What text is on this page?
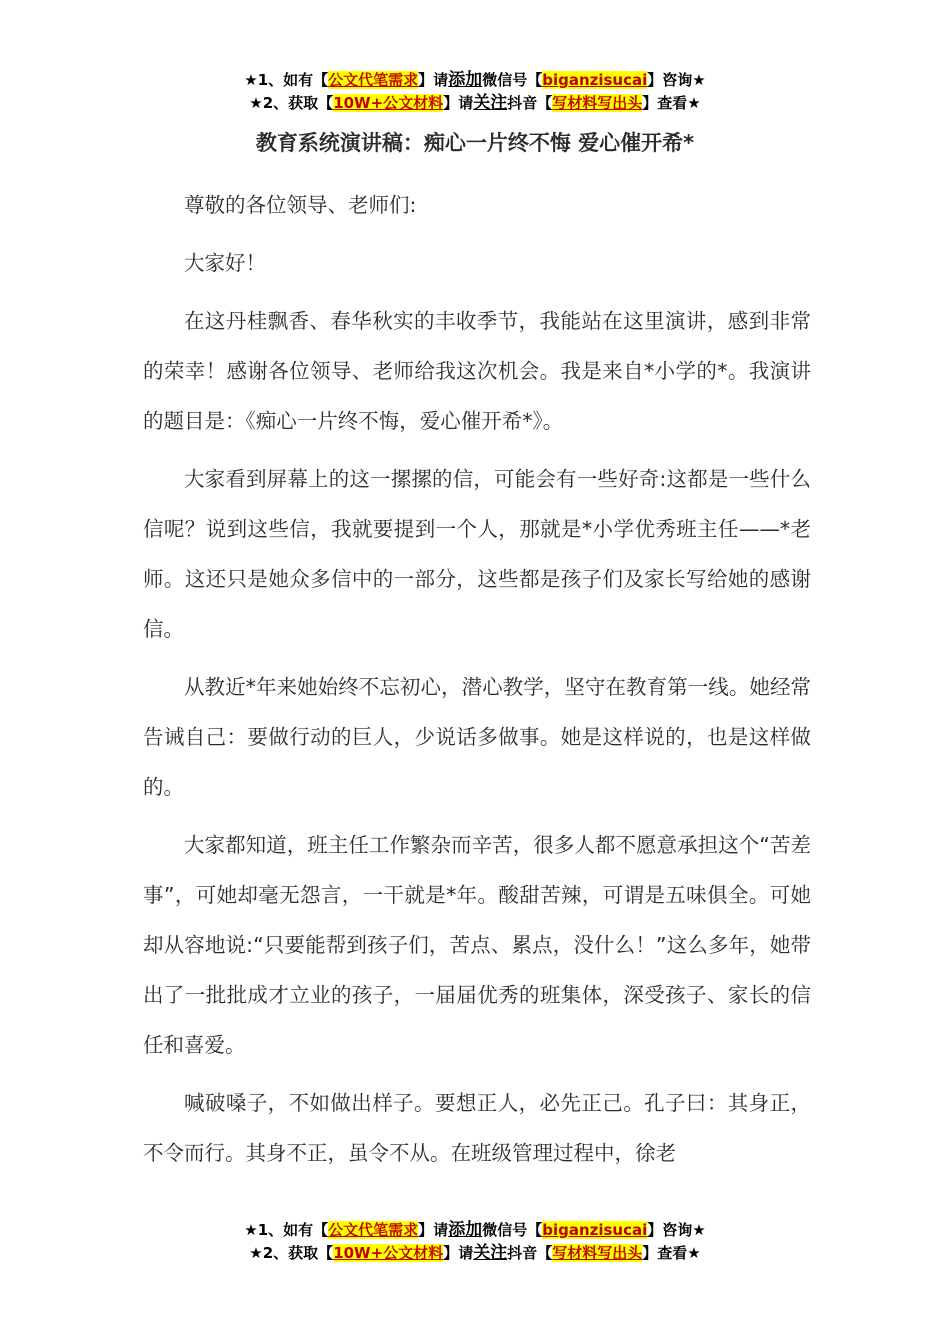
★1、如有【公文代笔需求】请添加微信号【biganzisucai】咨询★
★2、获取【10W+公文材料】请关注抖音【写材料写出头】查看★
教育系统演讲稿：痴心一片终不悔 爱心催开希*

尊敬的各位领导、老师们:

大家好！

在这丹桂飘香、春华秋实的丰收季节，我能站在这里演讲，感到非常的荣幸！感谢各位领导、老师给我这次机会。我是来自*小学的*。我演讲的题目是：《痴心一片终不悔，爱心催开希*》。

大家看到屏幕上的这一摞摞的信，可能会有一些好奇:这都是一些什么信呢？说到这些信，我就要提到一个人，那就是*小学优秀班主任——*老师。这还只是她众多信中的一部分，这些都是孩子们及家长写给她的感谢信。

从教近*年来她始终不忘初心，潜心教学，坚守在教育第一线。她经常告诫自己：要做行动的巨人，少说话多做事。她是这样说的，也是这样做的。

大家都知道，班主任工作繁杂而辛苦，很多人都不愿意承担这个“苦差事”，可她却毫无怨言，一干就是*年。酸甜苦辣，可谓是五味俱全。可她却从容地说:“只要能帮到孩子们，苦点、累点，没什么！”这么多年，她带出了一批批成才立业的孩子，一届届优秀的班集体，深受孩子、家长的信任和喜爱。

喊破嗓子，不如做出样子。要想正人，必先正己。孔子曰：其身正，不令而行。其身不正，虽令不从。在班级管理过程中，徐老

★1、如有【公文代笔需求】请添加微信号【biganzisucai】咨询★
★2、获取【10W+公文材料】请关注抖音【写材料写出头】查看★
